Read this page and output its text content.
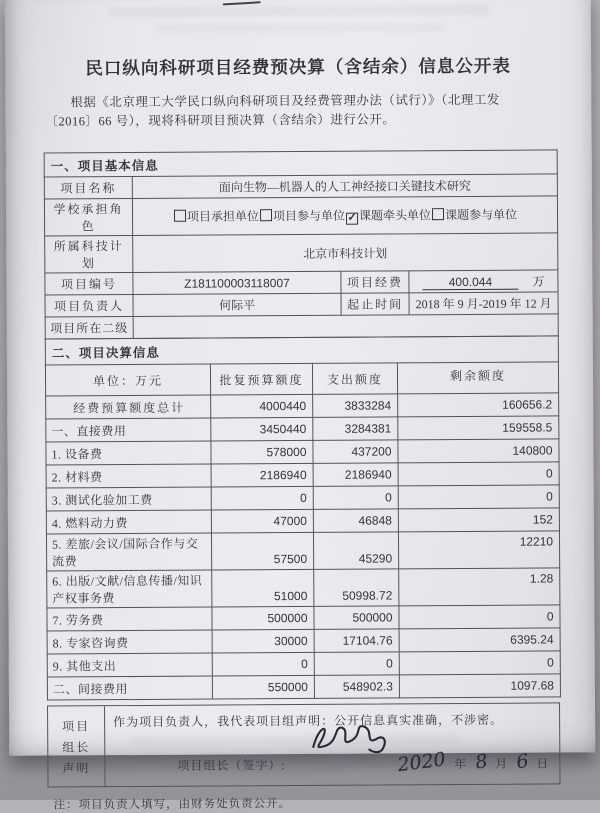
民口纵向科研项目经费预决算（含结余）信息公开表
根据《北京理工大学民口纵向科研项目及经费管理办法（试行）》（北理工发〔2016〕66 号），现将科研项目预决算（含结余）进行公开。
一、项目基本信息			
项目名称	面向生物—机器人的人工神经接口关键技术研究		
学校承担角色	项目承担单位 项目参与单位 ✓ 课题牵头单位 课题参与单位		
所属科技计划	北京市科技计划		
项目编号	Z181100003118007	项目经费	400.044 万
项目负责人	何际平	起止时间	2018 年 9 月-2019 年 12 月
项目所在二级			
二、项目决算信息			
单位：万元	批复预算额度	支出额度	剩余额度
经费预算额度总计	4000440	3833284	160656.2
一、直接费用	3450440	3284381	159558.5
1. 设备费	578000	437200	140800
2. 材料费	2186940	2186940	0
3. 测试化验加工费	0	0	0
4. 燃料动力费	47000	46848	152
5. 差旅/会议/国际合作与交流费	57500	45290	12210
6. 出版/文献/信息传播/知识产权事务费	51000	50998.72	1.28
7. 劳务费	500000	500000	0
8. 专家咨询费	30000	17104.76	6395.24
9. 其他支出	0	0	0
二、间接费用	550000	548902.3	1097.68
项目
组长
声明
作为项目负责人，我代表项目组声明：公开信息真实准确，不涉密。
项目组长（签字）:	2020 年 8 月 6 日
注：项目负责人填写，由财务处负责公开。
